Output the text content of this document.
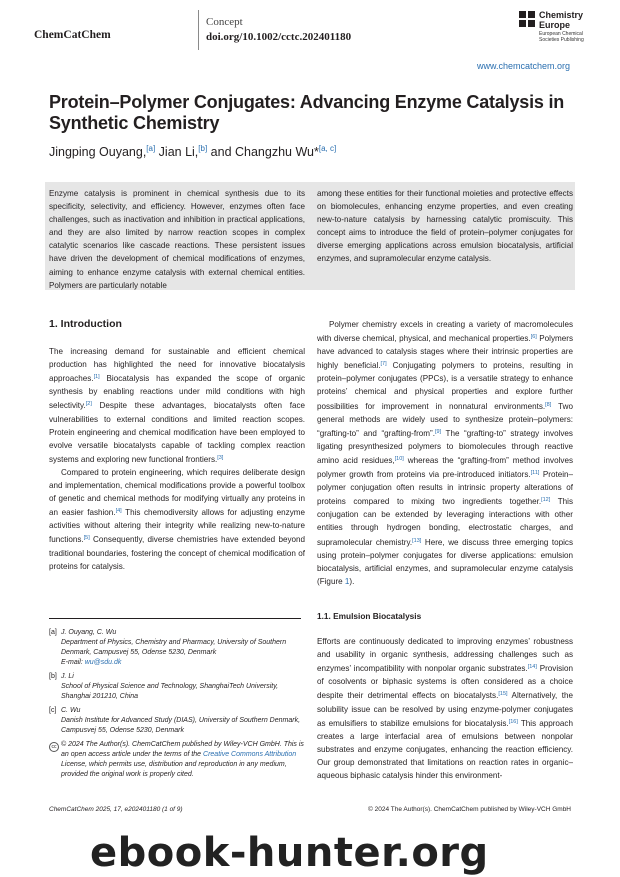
ChemCatChem
Concept
doi.org/10.1002/cctc.202401180
Chemistry Europe
European Chemical Societies Publishing
www.chemcatchem.org
Protein–Polymer Conjugates: Advancing Enzyme Catalysis in Synthetic Chemistry
Jingping Ouyang,[a] Jian Li,[b] and Changzhu Wu*[a, c]
Enzyme catalysis is prominent in chemical synthesis due to its specificity, selectivity, and efficiency. However, enzymes often face challenges, such as inactivation and inhibition in practical applications, and they are also limited by narrow reaction scopes in complex catalytic scenarios like cascade reactions. These persistent issues have driven the development of chemical modifications of enzymes, aiming to enhance enzyme catalysis with external chemical entities. Polymers are particularly notable
among these entities for their functional moieties and protective effects on biomolecules, enhancing enzyme properties, and even creating new-to-nature catalysis by harnessing catalytic promiscuity. This concept aims to introduce the field of protein–polymer conjugates for diverse emerging applications across emulsion biocatalysis, artificial enzymes, and supramolecular enzyme catalysis.
1. Introduction

The increasing demand for sustainable and efficient chemical production has highlighted the need for innovative biocatalysis approaches.[1] Biocatalysis has expanded the scope of organic synthesis by enabling reactions under mild conditions with high selectivity.[2] Despite these advantages, biocatalysts often face vulnerabilities to external conditions and limited reaction scopes. Protein engineering and chemical modification have been employed to evolve versatile biocatalysts capable of tackling complex reaction systems and exploring new functional frontiers.[3]

Compared to protein engineering, which requires deliberate design and implementation, chemical modifications provide a powerful toolbox of genetic and chemical methods for modifying virtually any proteins in an easier fashion.[4] This chemodiversity allows for adjusting enzyme activities without altering their integrity while realizing new-to-nature functions.[5] Consequently, diverse chemistries have extended beyond traditional boundaries, fostering the concept of chemical modification of proteins for catalysis.

[a] J. Ouyang, C. Wu
Department of Physics, Chemistry and Pharmacy, University of Southern
Denmark, Campusvej 55, Odense 5230, Denmark
E-mail: wu@sdu.dk
[b] J. Li
School of Physical Science and Technology, ShanghaiTech University,
Shanghai 201210, China
[c] C. Wu
Danish Institute for Advanced Study (DIAS), University of Southern Denmark,
Campusvej 55, Odense 5230, Denmark
cc © 2024 The Author(s). ChemCatChem published by Wiley-VCH GmbH. This is an open access article under the terms of the Creative Commons Attribution License, which permits use, distribution and reproduction in any medium, provided the original work is properly cited.

Polymer chemistry excels in creating a variety of macromolecules with diverse chemical, physical, and mechanical properties.[6] Polymers have advanced to catalysis stages where their intrinsic properties are highly beneficial.[7] Conjugating polymers to proteins, resulting in protein–polymer conjugates (PPCs), is a versatile strategy to enhance proteins’ chemical and physical properties and explore further possibilities for improvement in nonnatural environments.[8] Two general methods are widely used to synthesize protein–polymers: “grafting-to” and “grafting-from”.[9] The “grafting-to” strategy involves ligating presynthesized polymers to biomolecules through reactive amino acid residues,[10] whereas the “grafting-from” method involves polymer growth from proteins via pre-introduced initiators.[11] Protein–polymer conjugation often results in intrinsic property alterations of proteins compared to mixing two ingredients together.[12] This conjugation can be extended by leveraging interactions with other entities through hydrogen bonding, electrostatic charges, and supramolecular chemistry.[13] Here, we discuss three emerging topics using protein–polymer conjugates for diverse applications: emulsion biocatalysis, artificial enzymes, and supramolecular enzyme catalysis (Figure 1).

1.1. Emulsion Biocatalysis

Efforts are continuously dedicated to improving enzymes’ robustness and usability in organic synthesis, addressing challenges such as enzymes’ incompatibility with nonpolar organic substrates.[14] Provision of cosolvents or biphasic systems is often considered as a choice despite their detrimental effects on biocatalysts.[15] Alternatively, the solubility issue can be resolved by using enzyme-polymer conjugates as emulsifiers to stabilize emulsions for biocatalysis.[16] This approach creates a large interfacial area of emulsions between nonpolar substrates and enzyme conjugates, enhancing the reaction efficiency. Our group demonstrated that limitations on reaction rates in organic–aqueous biphasic catalysis hinder this environment-

ChemCatChem 2025, 17, e202401180 (1 of 9)	© 2024 The Author(s). ChemCatChem published by Wiley-VCH GmbH
ebook-hunter.org
